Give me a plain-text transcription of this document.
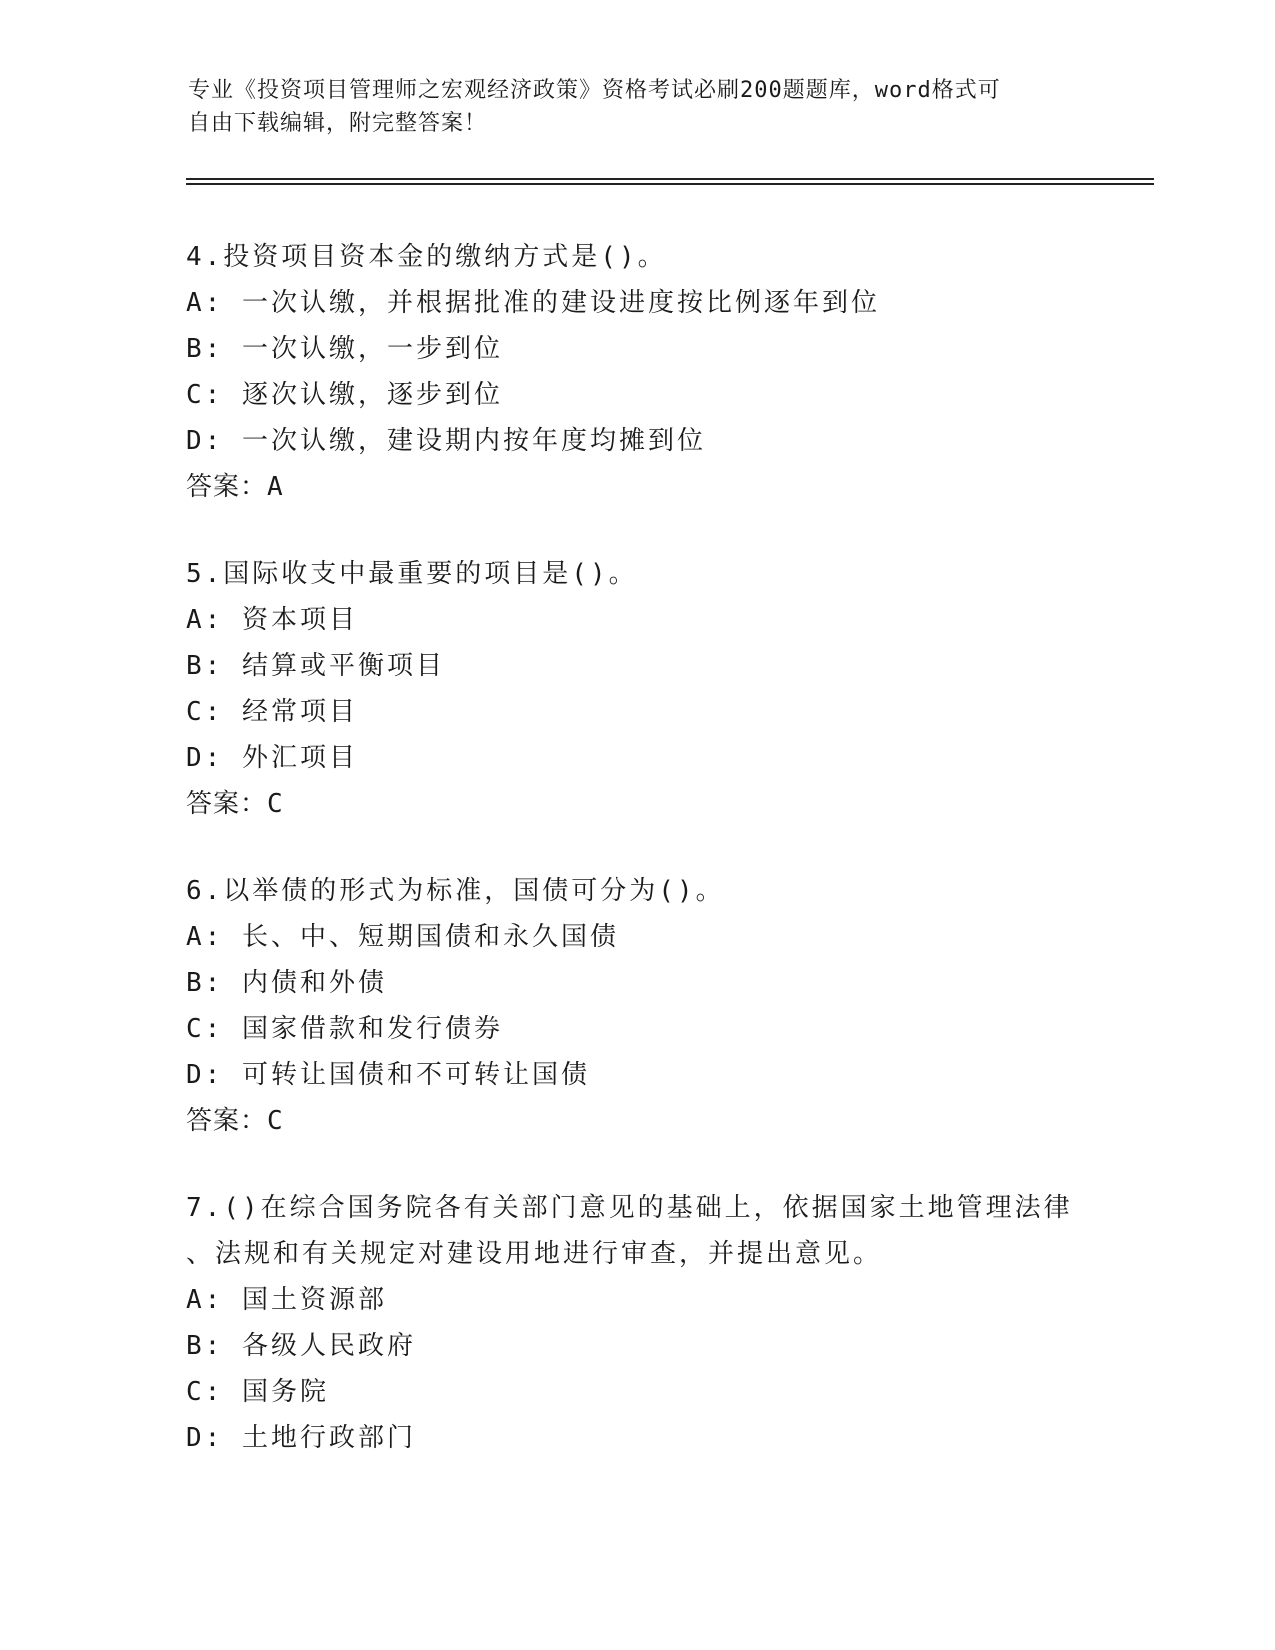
专业《投资项目管理师之宏观经济政策》资格考试必刷200题题库，word格式可
自由下载编辑，附完整答案！
4.投资项目资本金的缴纳方式是()。
A: 一次认缴，并根据批准的建设进度按比例逐年到位
B: 一次认缴，一步到位
C: 逐次认缴，逐步到位
D: 一次认缴，建设期内按年度均摊到位
答案：A
5.国际收支中最重要的项目是()。
A: 资本项目
B: 结算或平衡项目
C: 经常项目
D: 外汇项目
答案：C
6.以举债的形式为标准，国债可分为()。
A: 长、中、短期国债和永久国债
B: 内债和外债
C: 国家借款和发行债券
D: 可转让国债和不可转让国债
答案：C
7.()在综合国务院各有关部门意见的基础上，依据国家土地管理法律
、法规和有关规定对建设用地进行审查，并提出意见。
A: 国土资源部
B: 各级人民政府
C: 国务院
D: 土地行政部门
